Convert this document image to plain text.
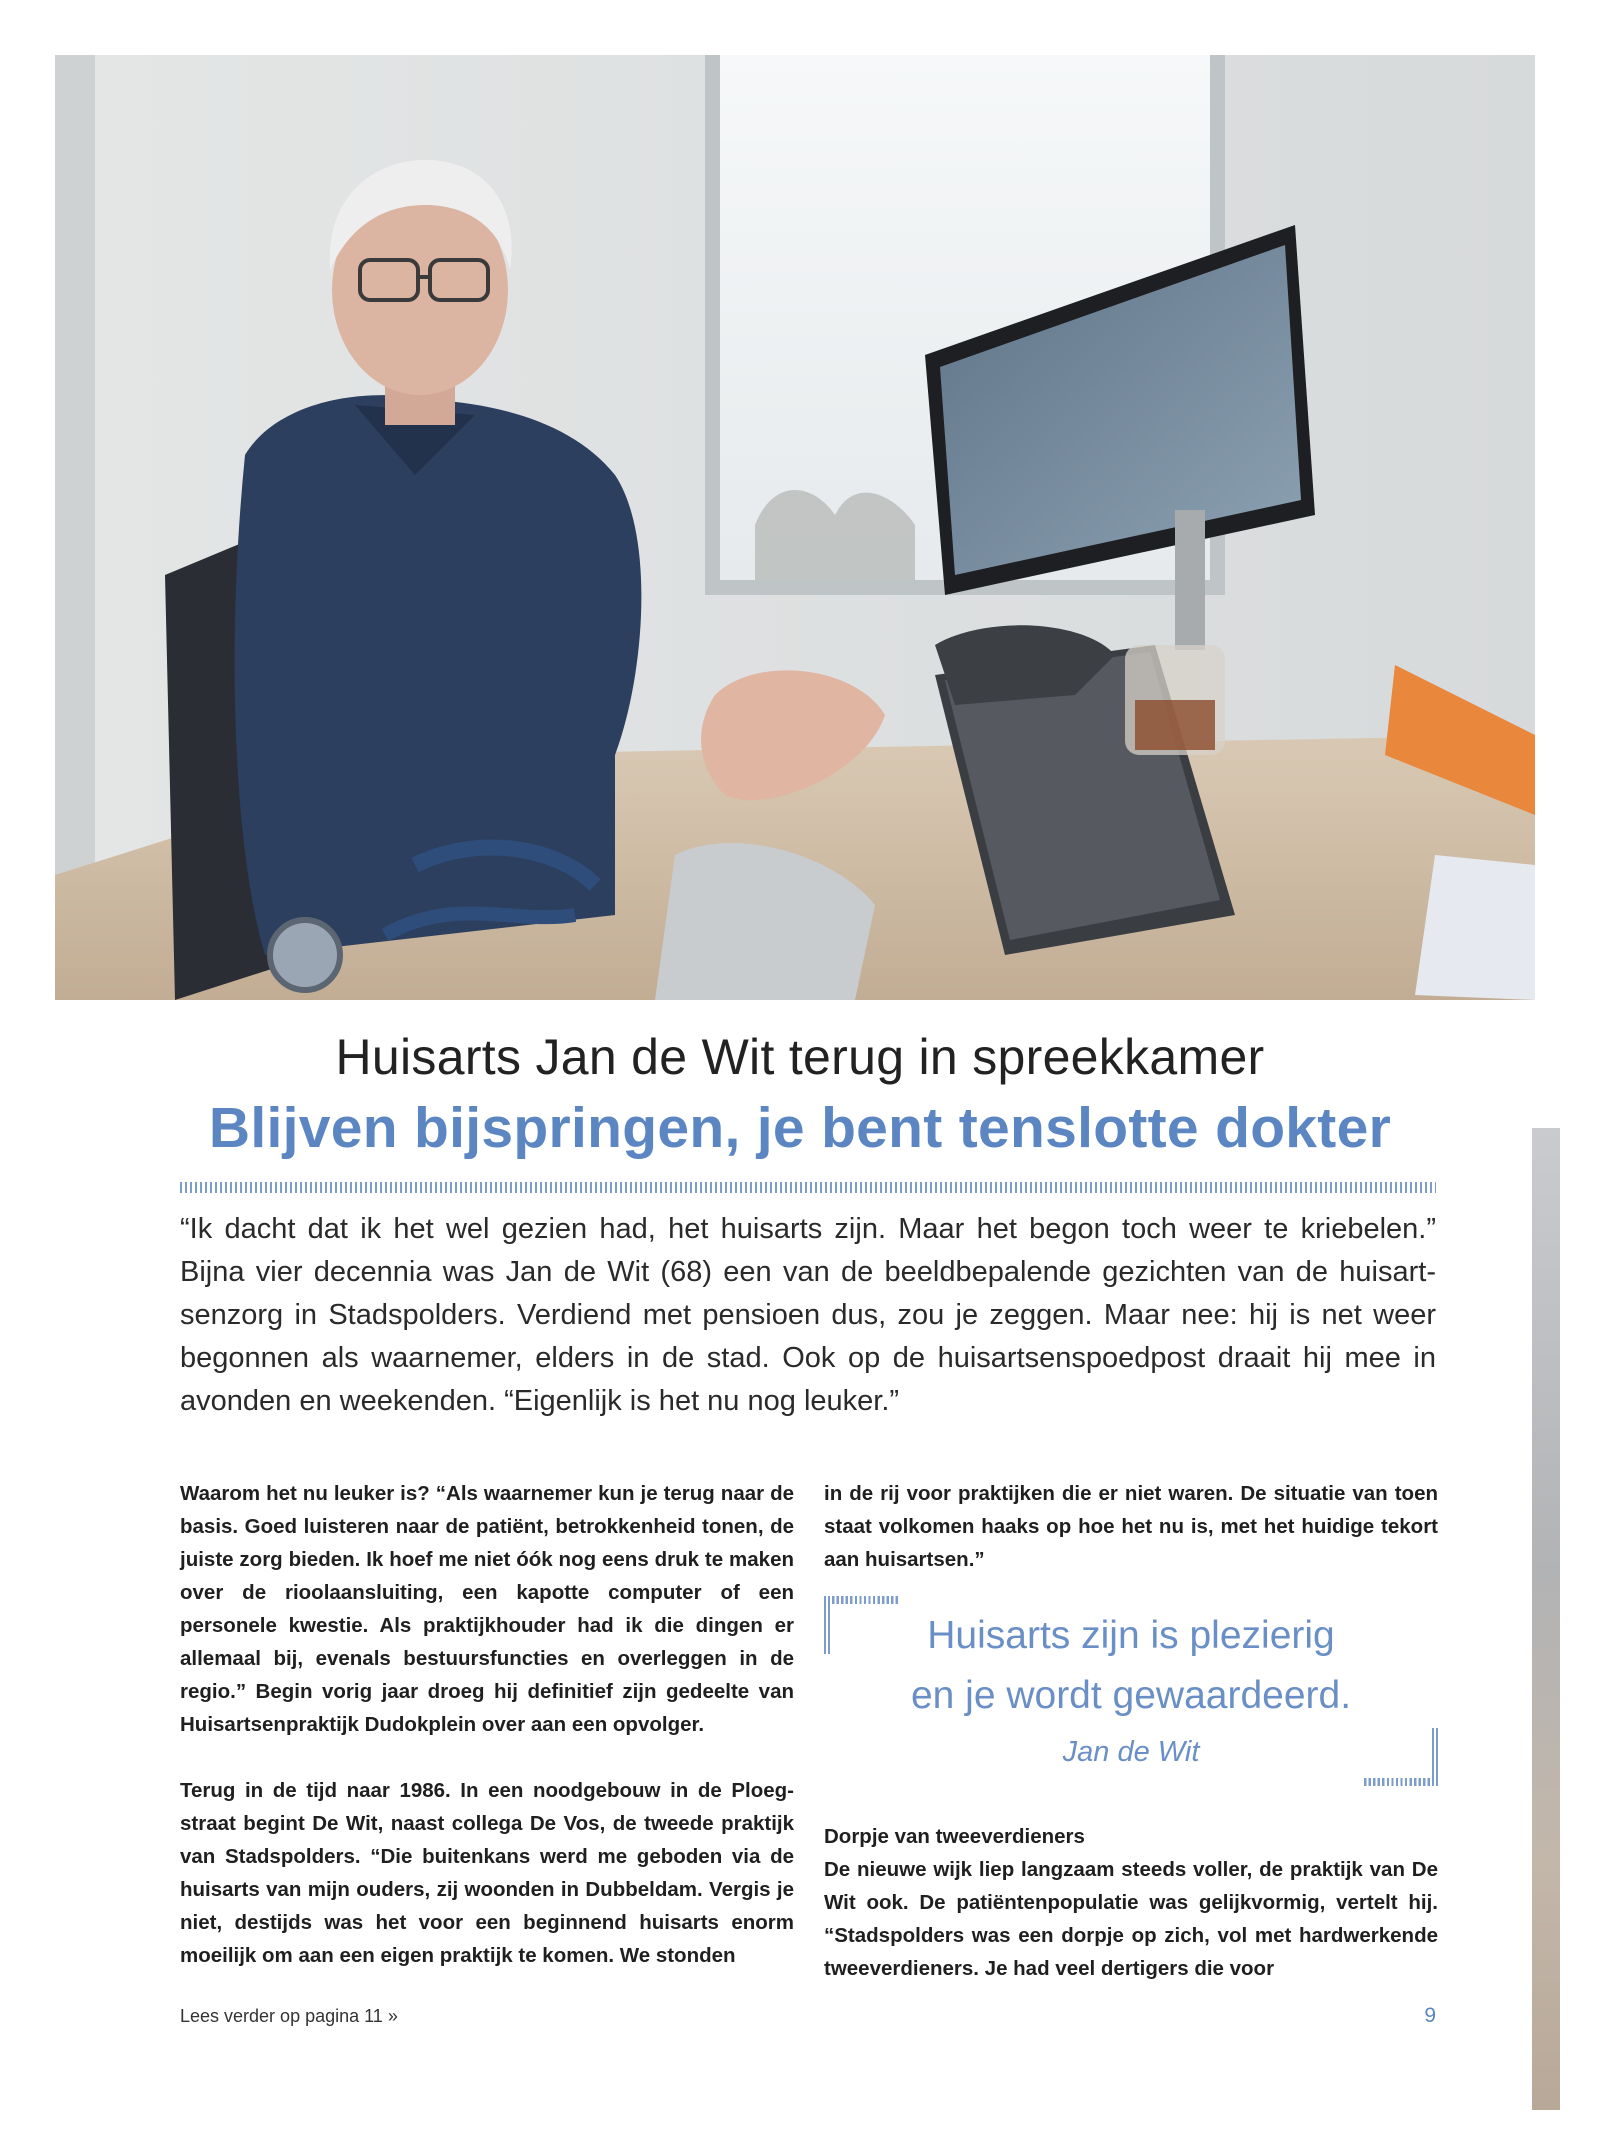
Huisarts Jan de Wit terug in spreekkamer
Blijven bijspringen, je bent tenslotte dokter
“Ik dacht dat ik het wel gezien had, het huisarts zijn. Maar het begon toch weer te kriebelen.” Bijna vier decennia was Jan de Wit (68) een van de beeldbepalende gezichten van de huisartsenzorg in Stadspolders. Verdiend met pensioen dus, zou je zeggen. Maar nee: hij is net weer begonnen als waarnemer, elders in de stad. Ook op de huisartsenspoedpost draait hij mee in avonden en weekenden. “Eigenlijk is het nu nog leuker.”

Waarom het nu leuker is? “Als waarnemer kun je terug naar de basis. Goed luisteren naar de patiënt, betrokkenheid tonen, de juiste zorg bieden. Ik hoef me niet óók nog eens druk te maken over de rioolaansluiting, een kapotte computer of een personele kwestie. Als praktijkhouder had ik die dingen er allemaal bij, evenals bestuursfuncties en overleggen in de regio.” Begin vorig jaar droeg hij definitief zijn gedeelte van Huisartsenpraktijk Dudokplein over aan een opvolger.

Terug in de tijd naar 1986. In een noodgebouw in de Ploegstraat begint De Wit, naast collega De Vos, de tweede praktijk van Stadspolders. “Die buitenkans werd me geboden via de huisarts van mijn ouders, zij woonden in Dubbeldam. Vergis je niet, destijds was het voor een beginnend huisarts enorm moeilijk om aan een eigen praktijk te komen. We stonden

in de rij voor praktijken die er niet waren. De situatie van toen staat volkomen haaks op hoe het nu is, met het huidige tekort aan huisartsen.”

Huisarts zijn is plezierig
en je wordt gewaardeerd.
Jan de Wit

Dorpje van tweeverdieners

De nieuwe wijk liep langzaam steeds voller, de praktijk van De Wit ook. De patiëntenpopulatie was gelijkvormig, vertelt hij. “Stadspolders was een dorpje op zich, vol met hardwerkende tweeverdieners. Je had veel dertigers die voor

Lees verder op pagina 11 »	9
